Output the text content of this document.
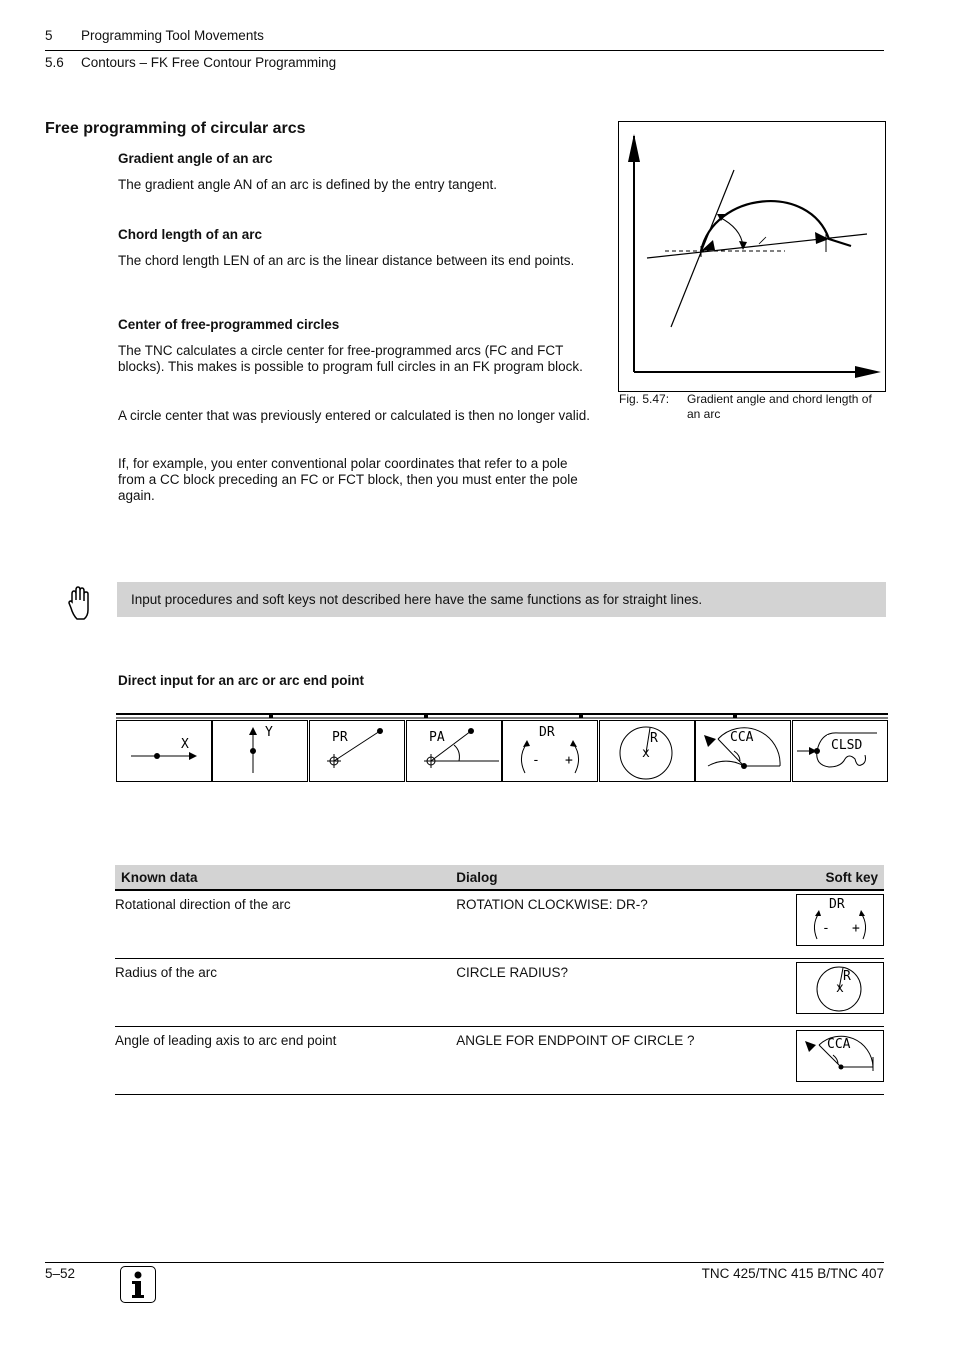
5 Programming Tool Movements
5.6 Contours – FK Free Contour Programming
Free programming of circular arcs
Gradient angle of an arc

The gradient angle AN of an arc is defined by the entry tangent.

Chord length of an arc

The chord length LEN of an arc is the linear distance between its end points.

Center of free-programmed circles

The TNC calculates a circle center for free-programmed arcs (FC and FCT blocks). This makes is possible to program full circles in an FK program block.

A circle center that was previously entered or calculated is then no longer valid.

If, for example, you enter conventional polar coordinates that refer to a pole from a CC block preceding an FC or FCT block, then you must enter the pole again.

Fig. 5.47: Gradient angle and chord length of an arc
Input procedures and soft keys not described here have the same functions as for straight lines.
Direct input for an arc or arc end point
X
Y	PR	PA	DR
- +
R
x
CCA
CLSD
Known data	Dialog	Soft key
Rotational direction of the arc	ROTATION CLOCKWISE: DR-?	DR
- +

Radius of the arc	CIRCLE RADIUS?	R
x

Angle of leading axis to arc end point	ANGLE FOR ENDPOINT OF CIRCLE ?	CCA
5–52	TNC 425/TNC 415 B/TNC 407
